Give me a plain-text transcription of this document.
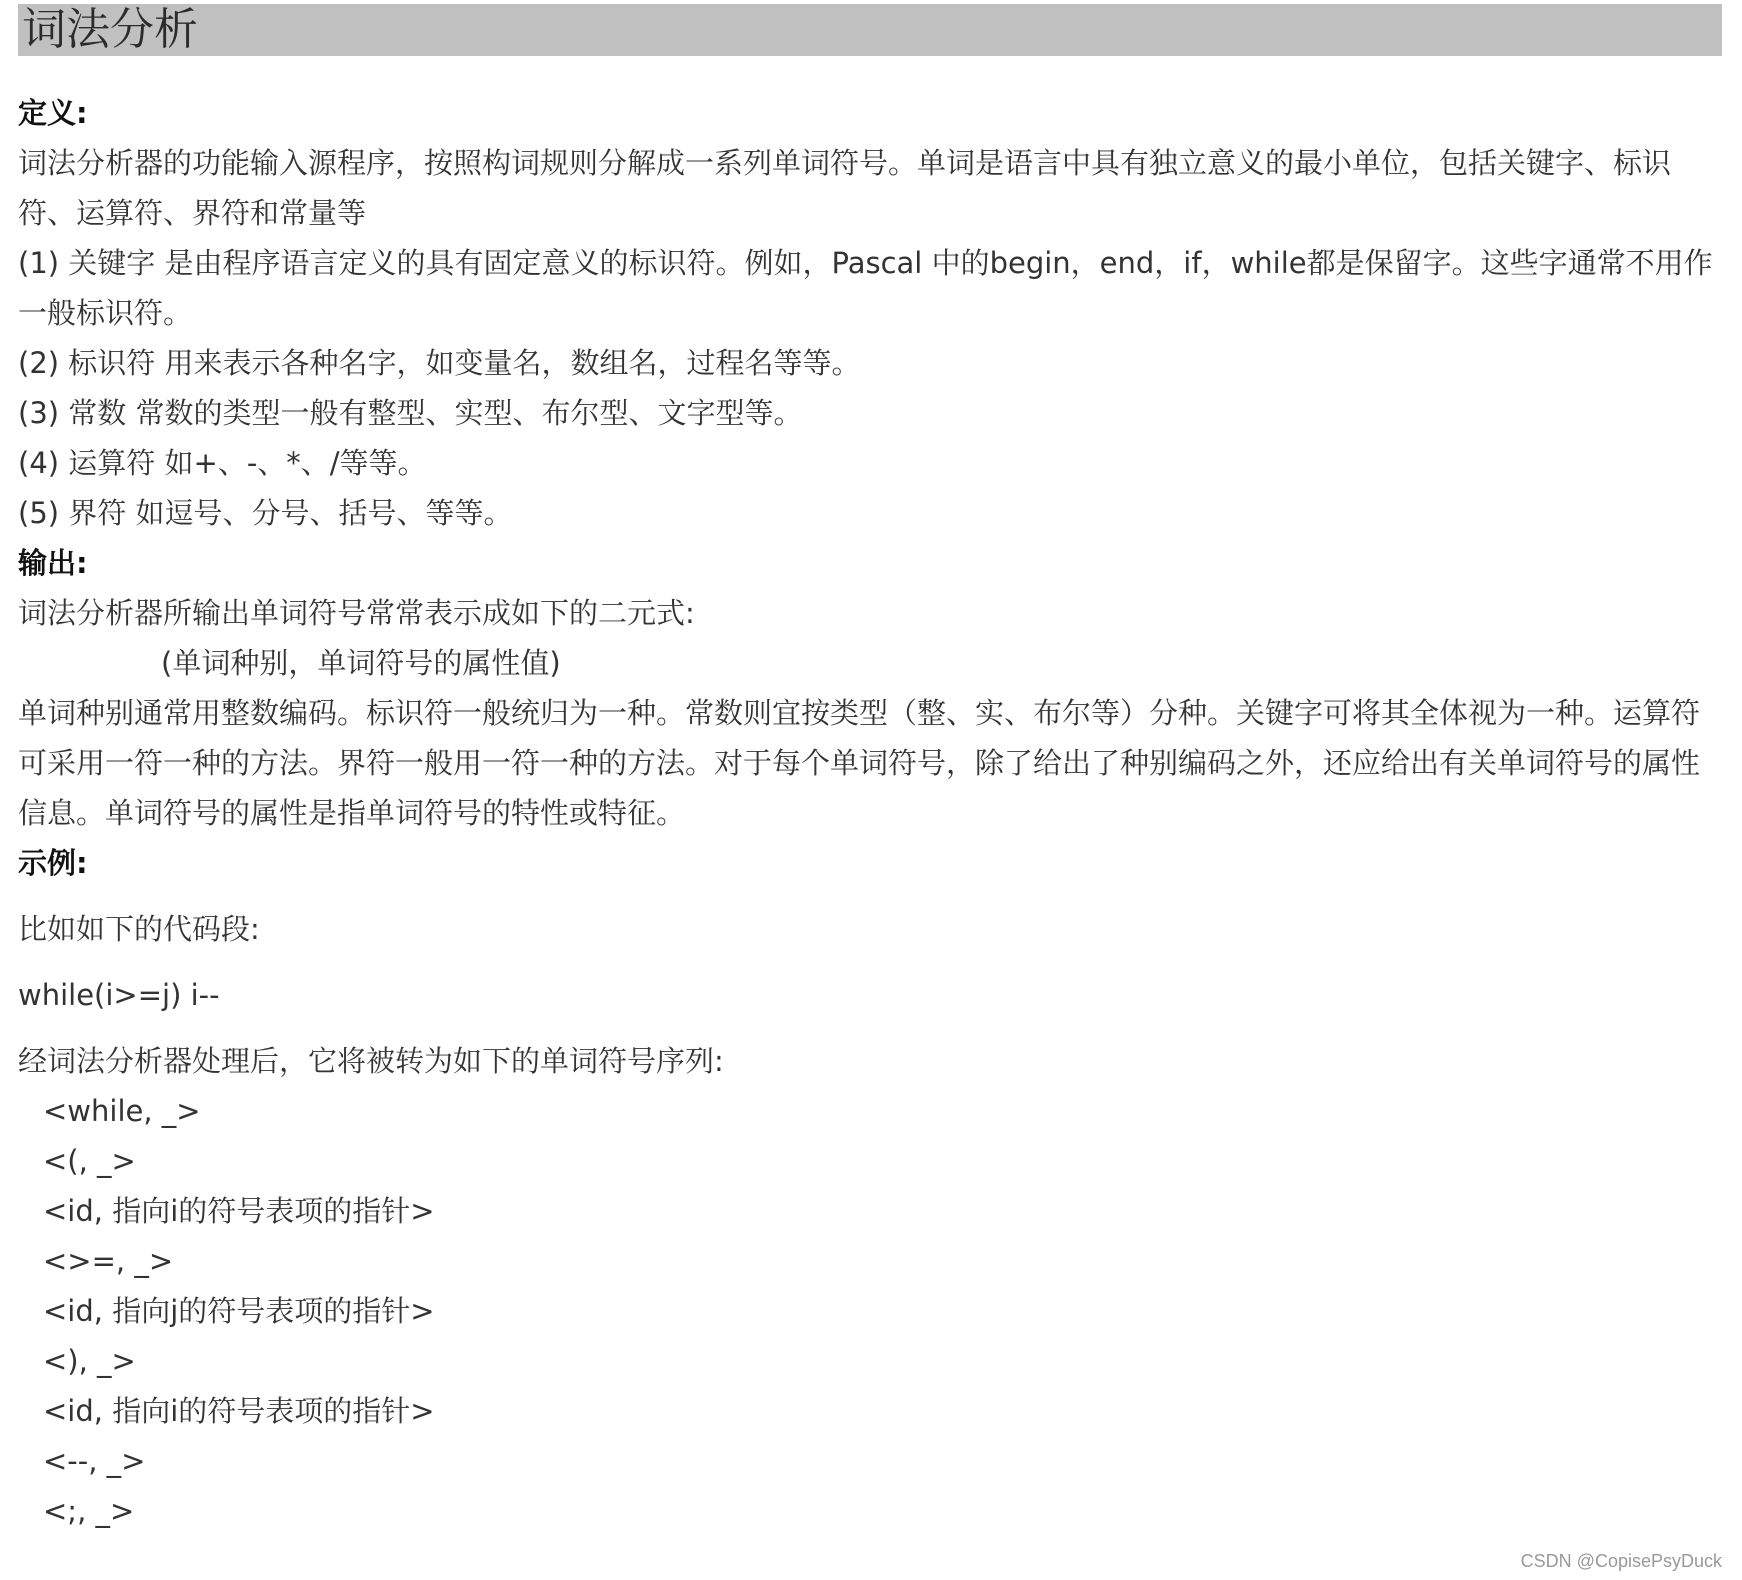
词法分析
定义:
词法分析器的功能输入源程序，按照构词规则分解成一系列单词符号。单词是语言中具有独立意义的最小单位，包括关键字、标识符、运算符、界符和常量等
(1) 关键字 是由程序语言定义的具有固定意义的标识符。例如，Pascal 中的begin，end，if，while都是保留字。这些字通常不用作一般标识符。
(2) 标识符 用来表示各种名字，如变量名，数组名，过程名等等。
(3) 常数 常数的类型一般有整型、实型、布尔型、文字型等。
(4) 运算符 如+、-、*、/等等。
(5) 界符 如逗号、分号、括号、等等。
输出:
词法分析器所输出单词符号常常表示成如下的二元式:
(单词种别，单词符号的属性值)
单词种别通常用整数编码。标识符一般统归为一种。常数则宜按类型（整、实、布尔等）分种。关键字可将其全体视为一种。运算符可采用一符一种的方法。界符一般用一符一种的方法。对于每个单词符号，除了给出了种别编码之外，还应给出有关单词符号的属性信息。单词符号的属性是指单词符号的特性或特征。
示例:
比如如下的代码段:
while(i>=j) i--
经词法分析器处理后，它将被转为如下的单词符号序列:
<while, _>
<(, _>
<id, 指向i的符号表项的指针>
<>=, _>
<id, 指向j的符号表项的指针>
<), _>
<id, 指向i的符号表项的指针>
<--, _>
<;, _>
CSDN @CopisePsyDuck
